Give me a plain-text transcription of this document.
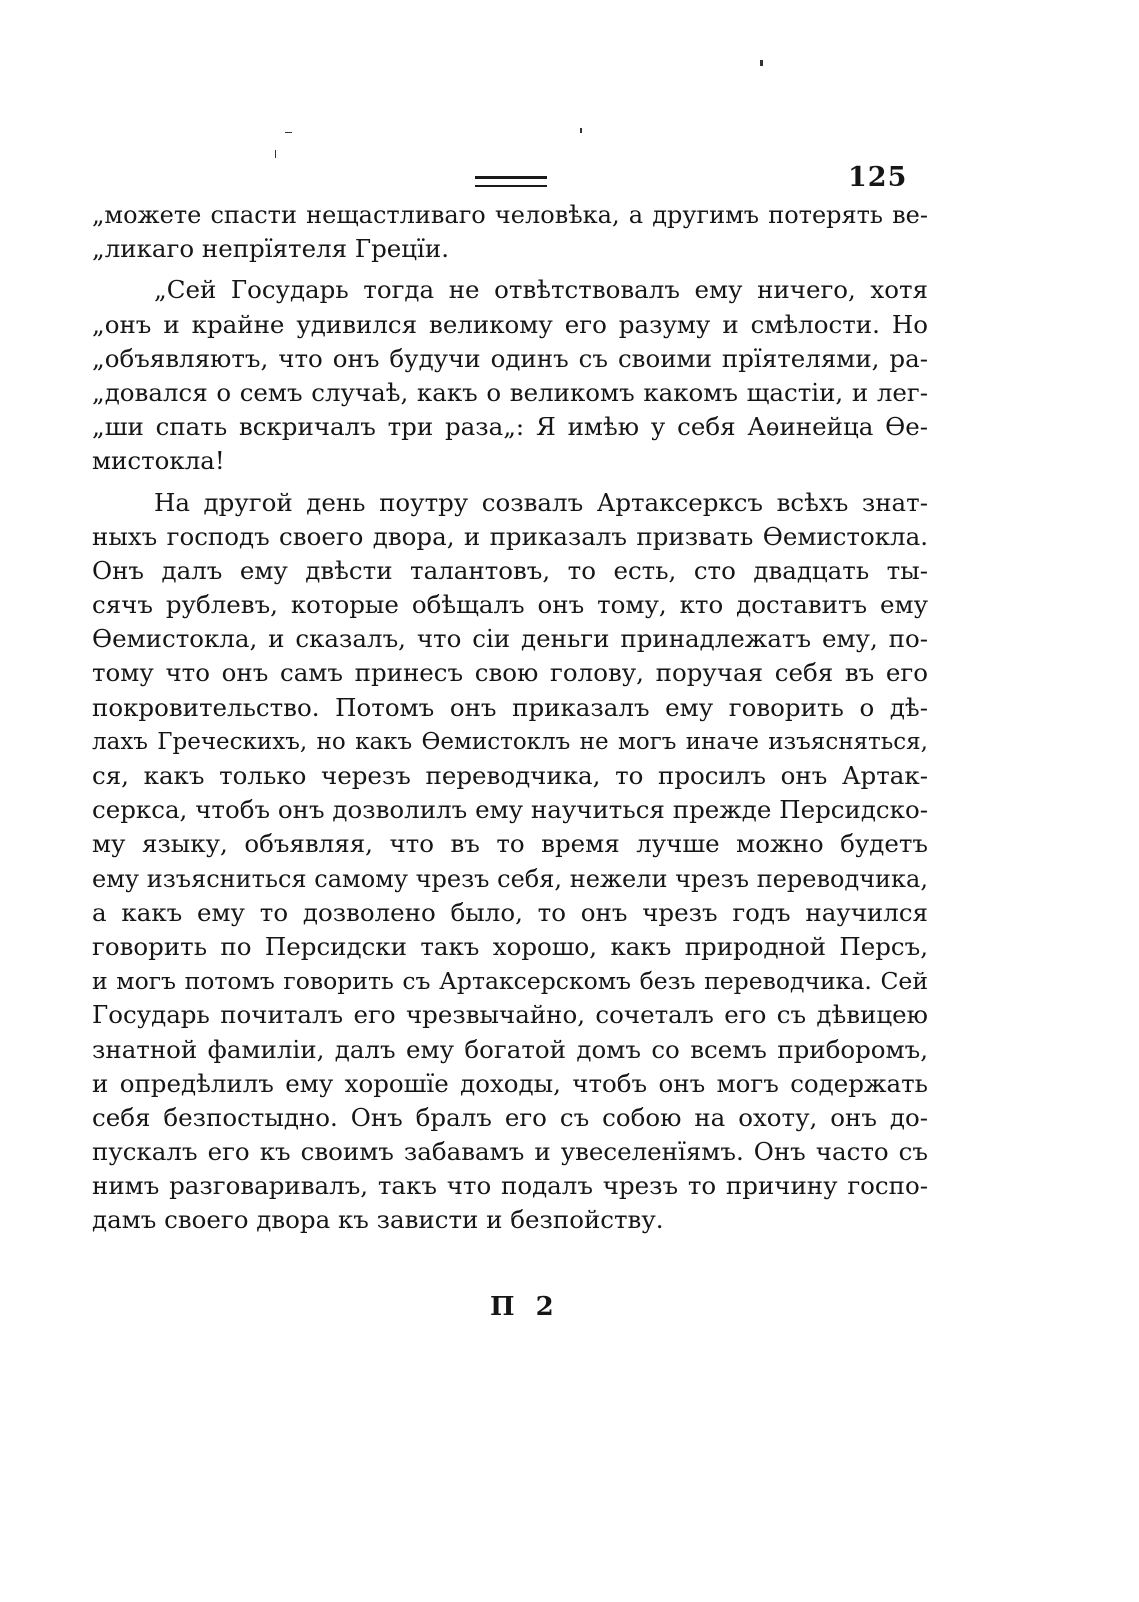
125
„можете спасти нещастливаго человѣка, а другимъ потерять ве-
„ликаго непрïятеля Грецïи.
„Сей Государь тогда не отвѣтствовалъ ему ничего, хотя
„онъ и крайне удивился великому его разуму и смѣлости. Но
„объявляютъ, что онъ будучи одинъ съ своими прïятелями, ра-
„довался о семъ случаѣ, какъ о великомъ какомъ щастiи, и лег-
„ши спать вскричалъ три раза„: Я имѣю у себя Аѳинейца Ѳе-
мистокла!
На другой день поутру созвалъ Артаксерксъ всѣхъ знат-
ныхъ господъ своего двора, и приказалъ призвать Ѳемистокла.
Онъ далъ ему двѣсти талантовъ, то есть, сто двадцать ты-
сячъ рублевъ, которые обѣщалъ онъ тому, кто доставитъ ему
Ѳемистокла, и сказалъ, что сiи деньги принадлежатъ ему, по-
тому что онъ самъ принесъ свою голову, поручая себя въ его
покровительство. Потомъ онъ приказалъ ему говорить о дѣ-
лахъ Греческихъ, но какъ Ѳемистоклъ не могъ иначе изъясняться,
ся, какъ только черезъ переводчика, то просилъ онъ Артак-
серкса, чтобъ онъ дозволилъ ему научиться прежде Персидско-
му языку, объявляя, что въ то время лучше можно будетъ
ему изъясниться самому чрезъ себя, нежели чрезъ переводчика,
а какъ ему то дозволено было, то онъ чрезъ годъ научился
говорить по Персидски такъ хорошо, какъ природной Персъ,
и могъ потомъ говорить съ Артаксерскомъ безъ переводчика. Сей
Государь почиталъ его чрезвычайно, сочеталъ его съ дѣвицею
знатной фамилiи, далъ ему богатой домъ со всемъ приборомъ,
и опредѣлилъ ему хорошïе доходы, чтобъ онъ могъ содержать
себя безпостыдно. Онъ бралъ его съ собою на охоту, онъ до-
пускалъ его къ своимъ забавамъ и увеселенïямъ. Онъ часто съ
нимъ разговаривалъ, такъ что подалъ чрезъ то причину госпо-
дамъ своего двора къ зависти и безпойству.
П 2
